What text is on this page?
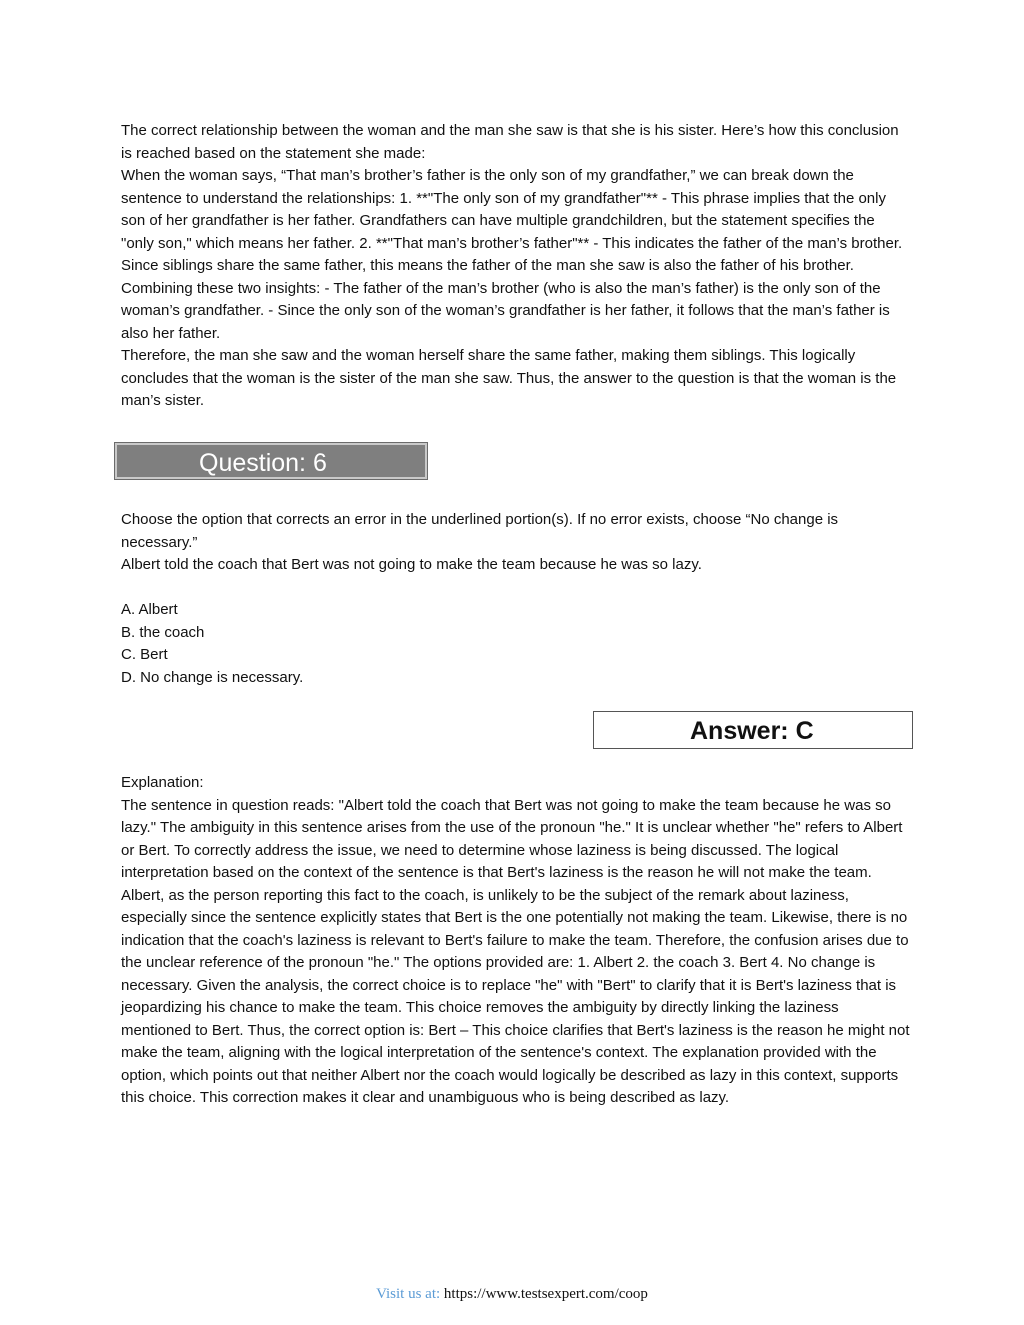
The correct relationship between the woman and the man she saw is that she is his sister. Here’s how this conclusion is reached based on the statement she made:

When the woman says, “That man’s brother’s father is the only son of my grandfather,” we can break down the sentence to understand the relationships: 1. **"The only son of my grandfather"** - This phrase implies that the only son of her grandfather is her father. Grandfathers can have multiple grandchildren, but the statement specifies the "only son," which means her father. 2. **"That man’s brother’s father"** - This indicates the father of the man’s brother. Since siblings share the same father, this means the father of the man she saw is also the father of his brother.

Combining these two insights: - The father of the man’s brother (who is also the man’s father) is the only son of the woman’s grandfather. - Since the only son of the woman’s grandfather is her father, it follows that the man’s father is also her father.

Therefore, the man she saw and the woman herself share the same father, making them siblings. This logically concludes that the woman is the sister of the man she saw. Thus, the answer to the question is that the woman is the man’s sister.

Question: 6

Choose the option that corrects an error in the underlined portion(s). If no error exists, choose “No change is necessary.”

Albert told the coach that Bert was not going to make the team because he was so lazy.

A. Albert

B. the coach

C. Bert

D. No change is necessary.

Answer: C

Explanation:

The sentence in question reads: "Albert told the coach that Bert was not going to make the team because he was so lazy." The ambiguity in this sentence arises from the use of the pronoun "he." It is unclear whether "he" refers to Albert or Bert. To correctly address the issue, we need to determine whose laziness is being discussed. The logical interpretation based on the context of the sentence is that Bert's laziness is the reason he will not make the team. Albert, as the person reporting this fact to the coach, is unlikely to be the subject of the remark about laziness, especially since the sentence explicitly states that Bert is the one potentially not making the team. Likewise, there is no indication that the coach's laziness is relevant to Bert's failure to make the team. Therefore, the confusion arises due to the unclear reference of the pronoun "he." The options provided are: 1. Albert 2. the coach 3. Bert 4. No change is necessary. Given the analysis, the correct choice is to replace "he" with "Bert" to clarify that it is Bert's laziness that is jeopardizing his chance to make the team. This choice removes the ambiguity by directly linking the laziness mentioned to Bert. Thus, the correct option is: Bert – This choice clarifies that Bert's laziness is the reason he might not make the team, aligning with the logical interpretation of the sentence's context. The explanation provided with the option, which points out that neither Albert nor the coach would logically be described as lazy in this context, supports this choice. This correction makes it clear and unambiguous who is being described as lazy.

Visit us at: https://www.testsexpert.com/coop
